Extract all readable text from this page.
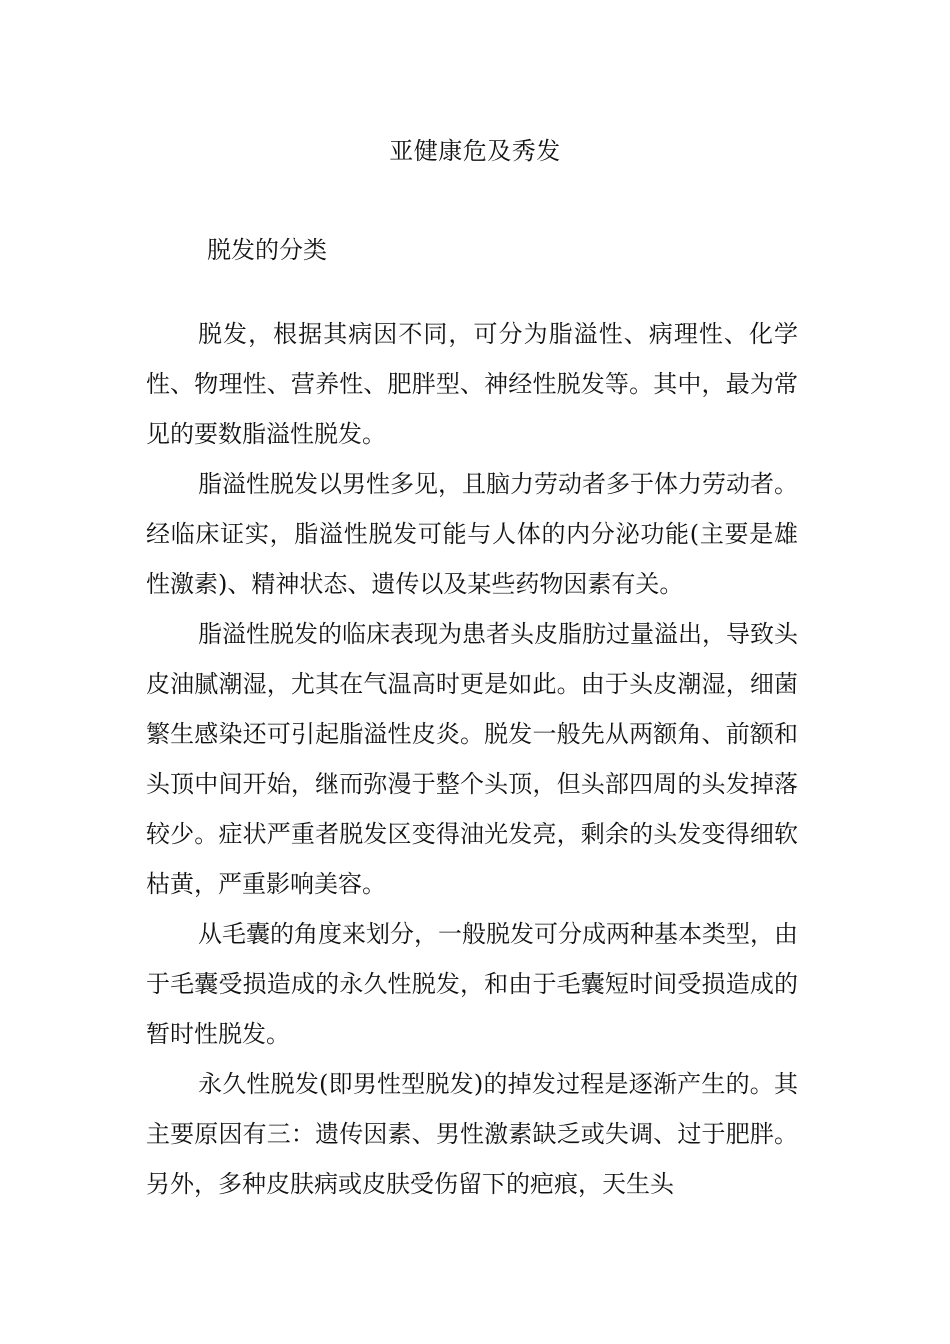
亚健康危及秀发
脱发的分类

脱发，根据其病因不同，可分为脂溢性、病理性、化学性、物理性、营养性、肥胖型、神经性脱发等。其中，最为常见的要数脂溢性脱发。

脂溢性脱发以男性多见，且脑力劳动者多于体力劳动者。经临床证实，脂溢性脱发可能与人体的内分泌功能(主要是雄性激素)、精神状态、遗传以及某些药物因素有关。

脂溢性脱发的临床表现为患者头皮脂肪过量溢出，导致头皮油腻潮湿，尤其在气温高时更是如此。由于头皮潮湿，细菌繁生感染还可引起脂溢性皮炎。脱发一般先从两额角、前额和头顶中间开始，继而弥漫于整个头顶，但头部四周的头发掉落较少。症状严重者脱发区变得油光发亮，剩余的头发变得细软枯黄，严重影响美容。

从毛囊的角度来划分，一般脱发可分成两种基本类型，由于毛囊受损造成的永久性脱发，和由于毛囊短时间受损造成的暂时性脱发。

永久性脱发(即男性型脱发)的掉发过程是逐渐产生的。其主要原因有三：遗传因素、男性激素缺乏或失调、过于肥胖。另外，多种皮肤病或皮肤受伤留下的疤痕，天生头
